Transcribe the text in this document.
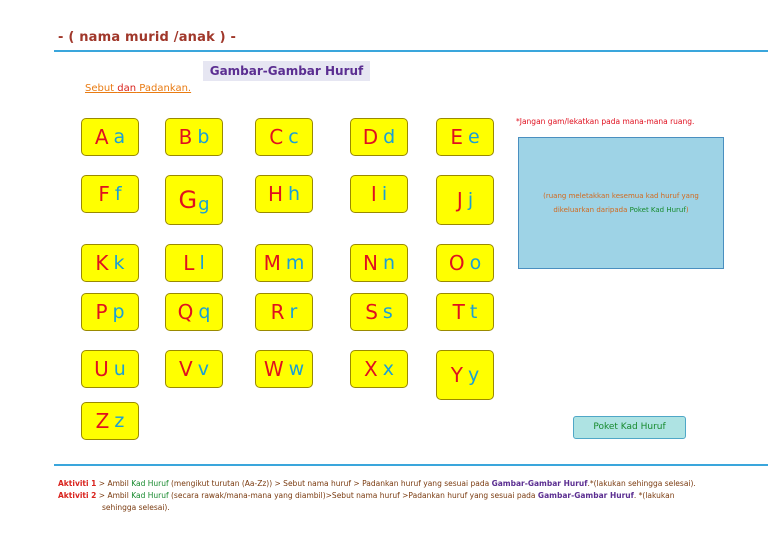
- ( nama murid /anak ) -
Gambar-Gambar Huruf
Sebut dan Padankan.
*Jangan gam/lekatkan pada mana-mana ruang.
(ruang meletakkan kesemua kad huruf yang
dikeluarkan daripada Poket Kad Huruf)
A a	B b	C c	D d	E e
F f G g	H h	I i	J j
K k	L l	M m	N n	O o
P p	Q q	R r	S s	T t
U u	V v	W w	X x	Y y
Z z	Poket Kad Huruf
Aktiviti 1 > Ambil Kad Huruf (mengikut turutan (Aa-Zz)) > Sebut nama huruf > Padankan huruf yang sesuai pada Gambar-Gambar Huruf.*(lakukan sehingga selesai).
Aktiviti 2 > Ambil Kad Huruf (secara rawak/mana-mana yang diambil)>Sebut nama huruf >Padankan huruf yang sesuai pada Gambar-Gambar Huruf. *(lakukan
sehingga selesai).
